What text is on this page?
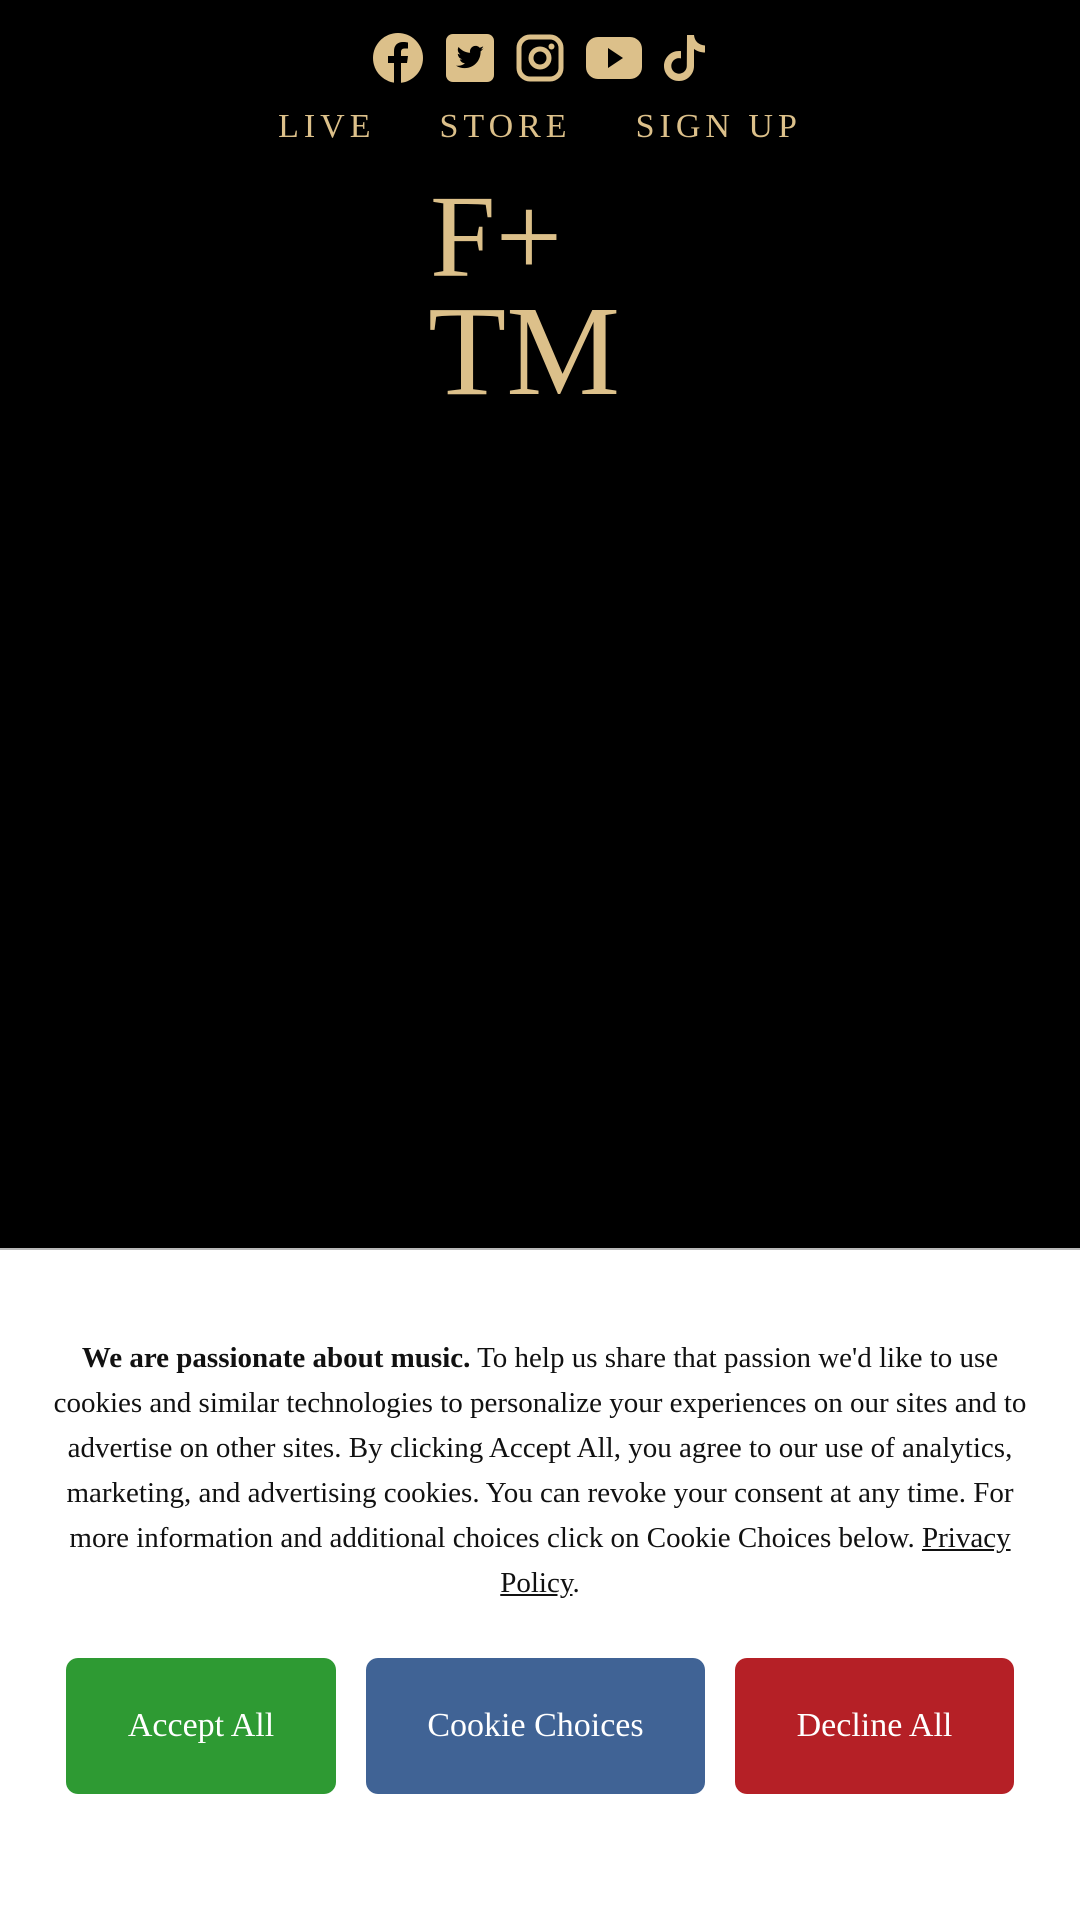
LIVE STORE SIGN UP
F+
TM
We are passionate about music. To help us share that passion we'd like to use cookies and similar technologies to personalize your experiences on our sites and to advertise on other sites. By clicking Accept All, you agree to our use of analytics, marketing, and advertising cookies. You can revoke your consent at any time. For more information and additional choices click on Cookie Choices below. Privacy Policy.
Accept All	Cookie Choices	Decline All
